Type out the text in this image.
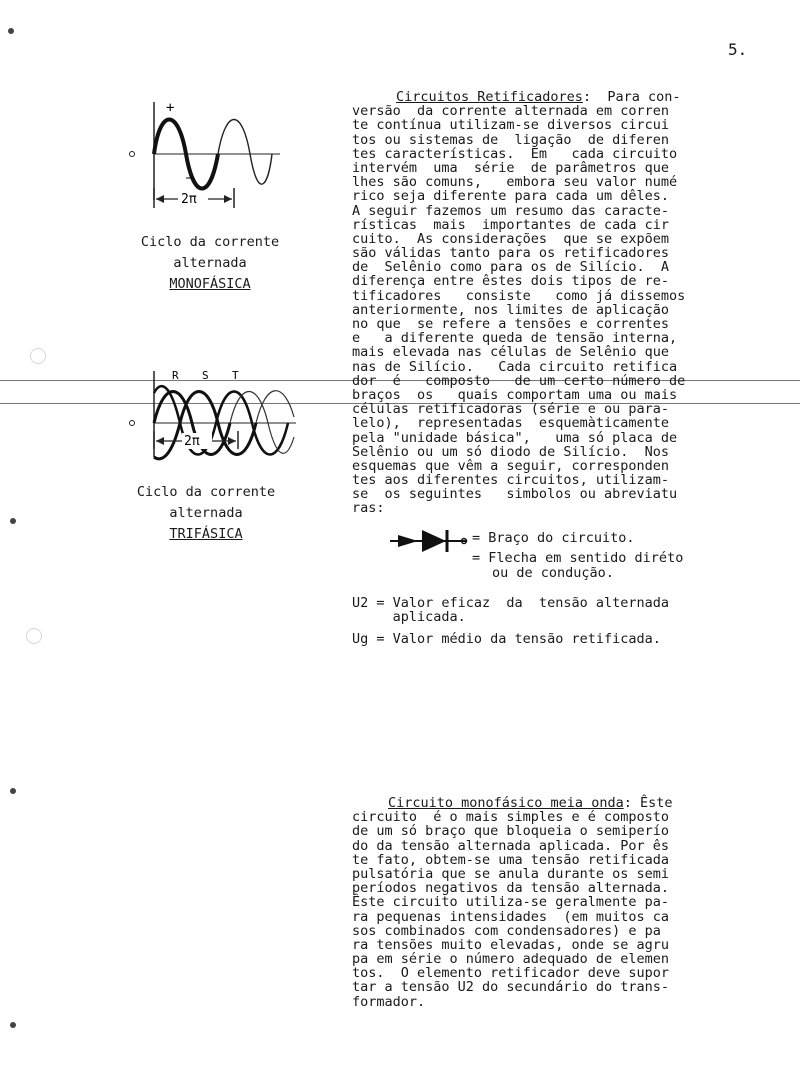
5.
+
–
2π
Ciclo da corrente
alternada
MONOFÁSICA
R S T
2π
Ciclo da corrente
alternada
TRIFÁSICA
Circuitos Retificadores:  Para con-
versão  da corrente alternada em corren
te contínua utilizam-se diversos circui
tos ou sistemas de  ligação  de diferen
tes características.  Em   cada circuito
intervém  uma  série  de parâmetros que
lhes são comuns,   embora seu valor numé
rico seja diferente para cada um dêles.
A seguir fazemos um resumo das caracte-
rísticas  mais  importantes de cada cir
cuito.  As considerações  que se expõem
são válidas tanto para os retificadores
de  Selênio como para os de Silício.  A
diferença entre êstes dois tipos de re-
tificadores   consiste   como já dissemos
anteriormente, nos limites de aplicação
no que  se refere a tensões e correntes
e   a diferente queda de tensão interna,
mais elevada nas células de Selênio que
nas de Silício.   Cada circuito retifica
dor  é   composto   de um certo número de
braços  os   quais comportam uma ou mais
células retificadoras (série e ou para-
lelo),  representadas  esquemàticamente
pela "unidade básica",   uma só placa de
Selênio ou um só diodo de Silício.  Nos
esquemas que vêm a seguir, corresponden
tes aos diferentes circuitos, utilizam-
se  os seguintes   simbolos ou abreviatu
ras:
= Braço do circuito.
= Flecha em sentido diréto
ou de condução.
U2 = Valor eficaz  da  tensão alternada
aplicada.
Ug = Valor médio da tensão retificada.
Circuito monofásico meia onda: Êste
circuito  é o mais simples e é composto
de um só braço que bloqueia o semiperío
do da tensão alternada aplicada. Por ês
te fato, obtem-se uma tensão retificada
pulsatória que se anula durante os semi
períodos negativos da tensão alternada.
Êste circuito utiliza-se geralmente pa-
ra pequenas intensidades  (em muitos ca
sos combinados com condensadores) e pa
ra tensões muito elevadas, onde se agru
pa em série o número adequado de elemen
tos.  O elemento retificador deve supor
tar a tensão U2 do secundário do trans-
formador.
